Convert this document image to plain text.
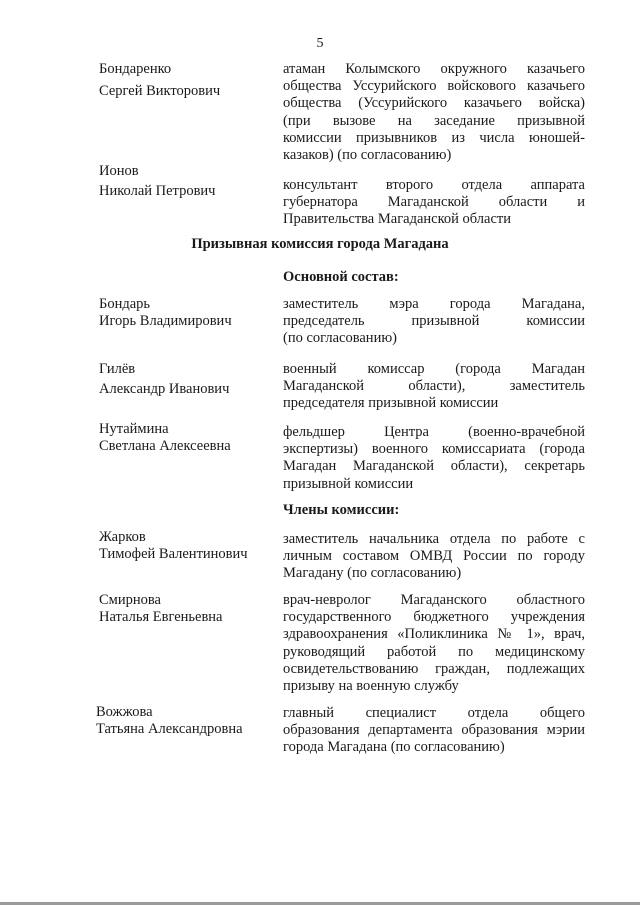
5
Бондаренко
Сергей Викторович
атаман Колымского окружного казачьего
общества Уссурийского войскового казачьего
общества (Уссурийского казачьего войска)
(при вызове на заседание призывной
комиссии призывников из числа юношей-
казаков) (по согласованию)
Ионов
Николай Петрович	консультант второго отдела аппарата
губернатора Магаданской области и
Правительства Магаданской области
Призывная комиссия города Магадана
Основной состав:
Бондарь
Игорь Владимирович
заместитель мэра города Магадана,
председатель призывной комиссии
(по согласованию)
Гилёв
Александр Иванович
военный комиссар (города Магадан
Магаданской области), заместитель
председателя призывной комиссии
Нутаймина
Светлана Алексеевна
фельдшер Центра (военно-врачебной
экспертизы) военного комиссариата (города
Магадан Магаданской области), секретарь
призывной комиссии
Члены комиссии:
Жарков
Тимофей Валентинович
заместитель начальника отдела по работе с
личным составом ОМВД России по городу
Магадану (по согласованию)
Смирнова
Наталья Евгеньевна
врач-невролог Магаданского областного
государственного бюджетного учреждения
здравоохранения «Поликлиника № 1», врач,
руководящий работой по медицинскому
освидетельствованию граждан, подлежащих
призыву на военную службу
Вожжова
Татьяна Александровна
главный специалист отдела общего
образования департамента образования мэрии
города Магадана (по согласованию)
